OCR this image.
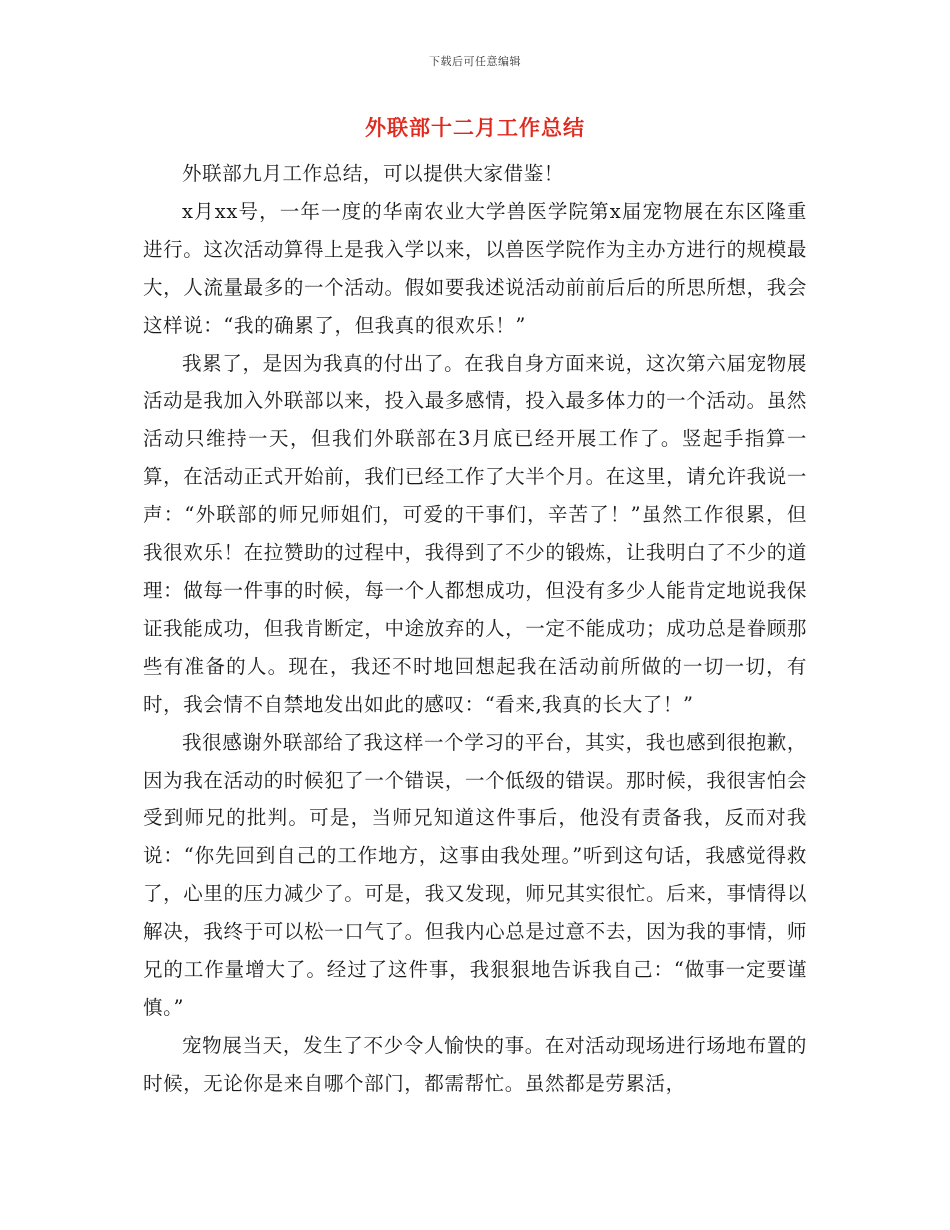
下载后可任意编辑
外联部十二月工作总结

外联部九月工作总结，可以提供大家借鉴！

x月xx号，一年一度的华南农业大学兽医学院第x届宠物展在东区隆重进行。这次活动算得上是我入学以来，以兽医学院作为主办方进行的规模最大，人流量最多的一个活动。假如要我述说活动前前后后的所思所想，我会这样说：“我的确累了，但我真的很欢乐！”

我累了，是因为我真的付出了。在我自身方面来说，这次第六届宠物展活动是我加入外联部以来，投入最多感情，投入最多体力的一个活动。虽然活动只维持一天，但我们外联部在3月底已经开展工作了。竖起手指算一算，在活动正式开始前，我们已经工作了大半个月。在这里，请允许我说一声：“外联部的师兄师姐们，可爱的干事们，辛苦了！”虽然工作很累，但我很欢乐！在拉赞助的过程中，我得到了不少的锻炼，让我明白了不少的道理：做每一件事的时候，每一个人都想成功，但没有多少人能肯定地说我保证我能成功，但我肯断定，中途放弃的人，一定不能成功；成功总是眷顾那些有准备的人。现在，我还不时地回想起我在活动前所做的一切一切，有时，我会情不自禁地发出如此的感叹：“看来,我真的长大了！”

我很感谢外联部给了我这样一个学习的平台，其实，我也感到很抱歉，因为我在活动的时候犯了一个错误，一个低级的错误。那时候，我很害怕会受到师兄的批判。可是，当师兄知道这件事后，他没有责备我，反而对我说：“你先回到自己的工作地方，这事由我处理。”听到这句话，我感觉得救了，心里的压力减少了。可是，我又发现，师兄其实很忙。后来，事情得以解决，我终于可以松一口气了。但我内心总是过意不去，因为我的事情，师兄的工作量增大了。经过了这件事，我狠狠地告诉我自己：“做事一定要谨慎。”

宠物展当天，发生了不少令人愉快的事。在对活动现场进行场地布置的时候，无论你是来自哪个部门，都需帮忙。虽然都是劳累活，
